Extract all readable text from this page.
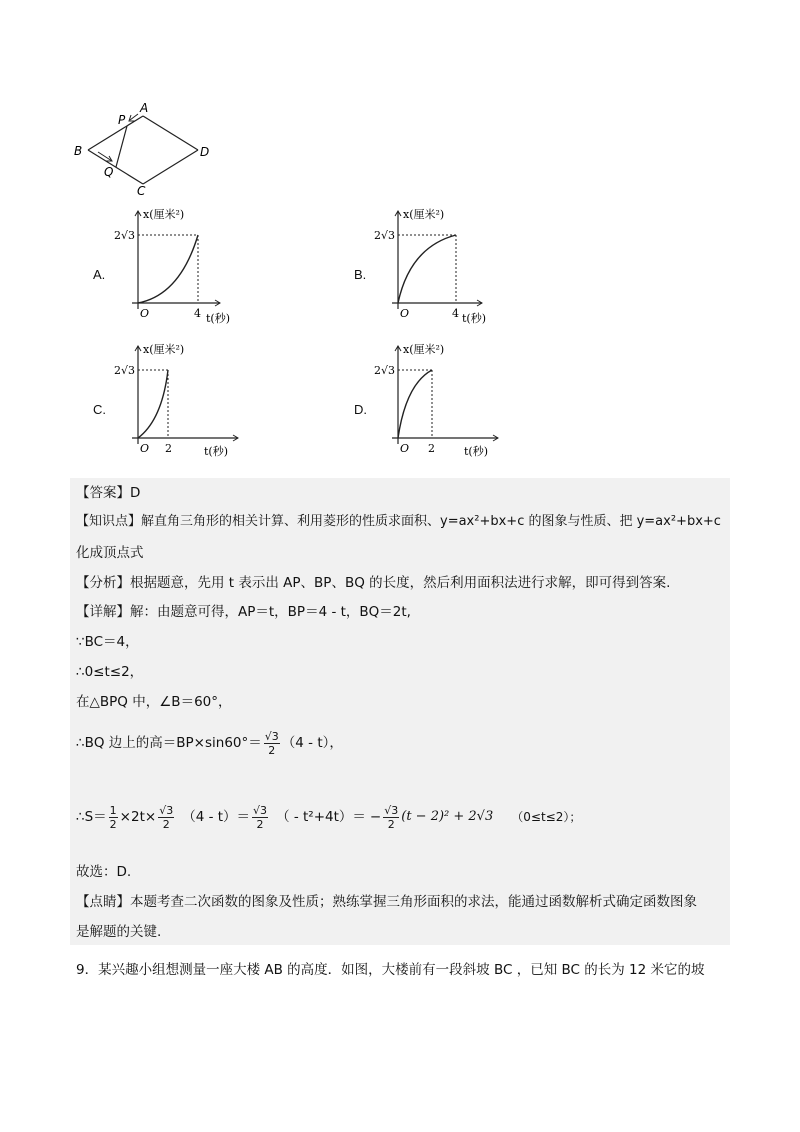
A
P
B
Q
C
D
A.
x(厘米²)
2√3
O	4 t(秒)
B.
x(厘米²)
2√3
O	4 t(秒)
C.
x(厘米²)
2√3
O 2	t(秒)
D.
x(厘米²)
2√3
O 2	t(秒)
【答案】D
【知识点】解直角三角形的相关计算、利用菱形的性质求面积、y=ax²+bx+c 的图象与性质、把 y=ax²+bx+c
化成顶点式
【分析】根据题意，先用 t 表示出 AP、BP、BQ 的长度，然后利用面积法进行求解，即可得到答案.
【详解】解：由题意可得，AP＝t，BP＝4 - t，BQ＝2t,
∵BC＝4，
∴0≤t≤2，
在△BPQ 中，∠B＝60°，
∴BQ 边上的高$=BP\times\sin 60^\circ= \frac{√3}{2} (4 - t)$，
∴S＝ $\frac{1}{2} \times 2t\times \frac{√3}{2} (4 - t)= \frac{√3}{2}$ （ - $t^2+4t)= - \frac{√3}{2} (t - 2)^2 + 2√3$ （0≤t≤2）；
故选：D.
【点睛】本题考查二次函数的图象及性质；熟练掌握三角形面积的求法，能通过函数解析式确定函数图象
是解题的关键.
9．某兴趣小组想测量一座大楼 AB 的高度．如图，大楼前有一段斜坡 BC ，已知 BC 的长为 12 米它的坡
